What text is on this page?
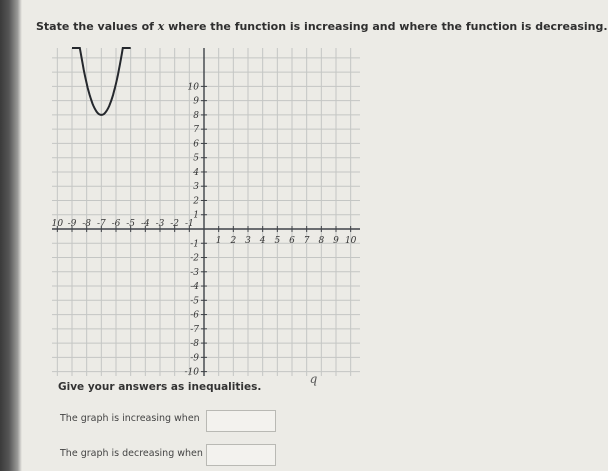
State the values of x where the function is increasing and where the function is decreasing.
10 -9 -8 -7 -6 -5 -4 -3 -2 -1
1 2 3 4 5 6 7 8 9 10
10
9
8
7
6
5
4
3
2
1
-1
-2
-3
-4
-5
-6
-7
-8
-9
-10	q
Give your answers as inequalities.
The graph is increasing when
The graph is decreasing when
